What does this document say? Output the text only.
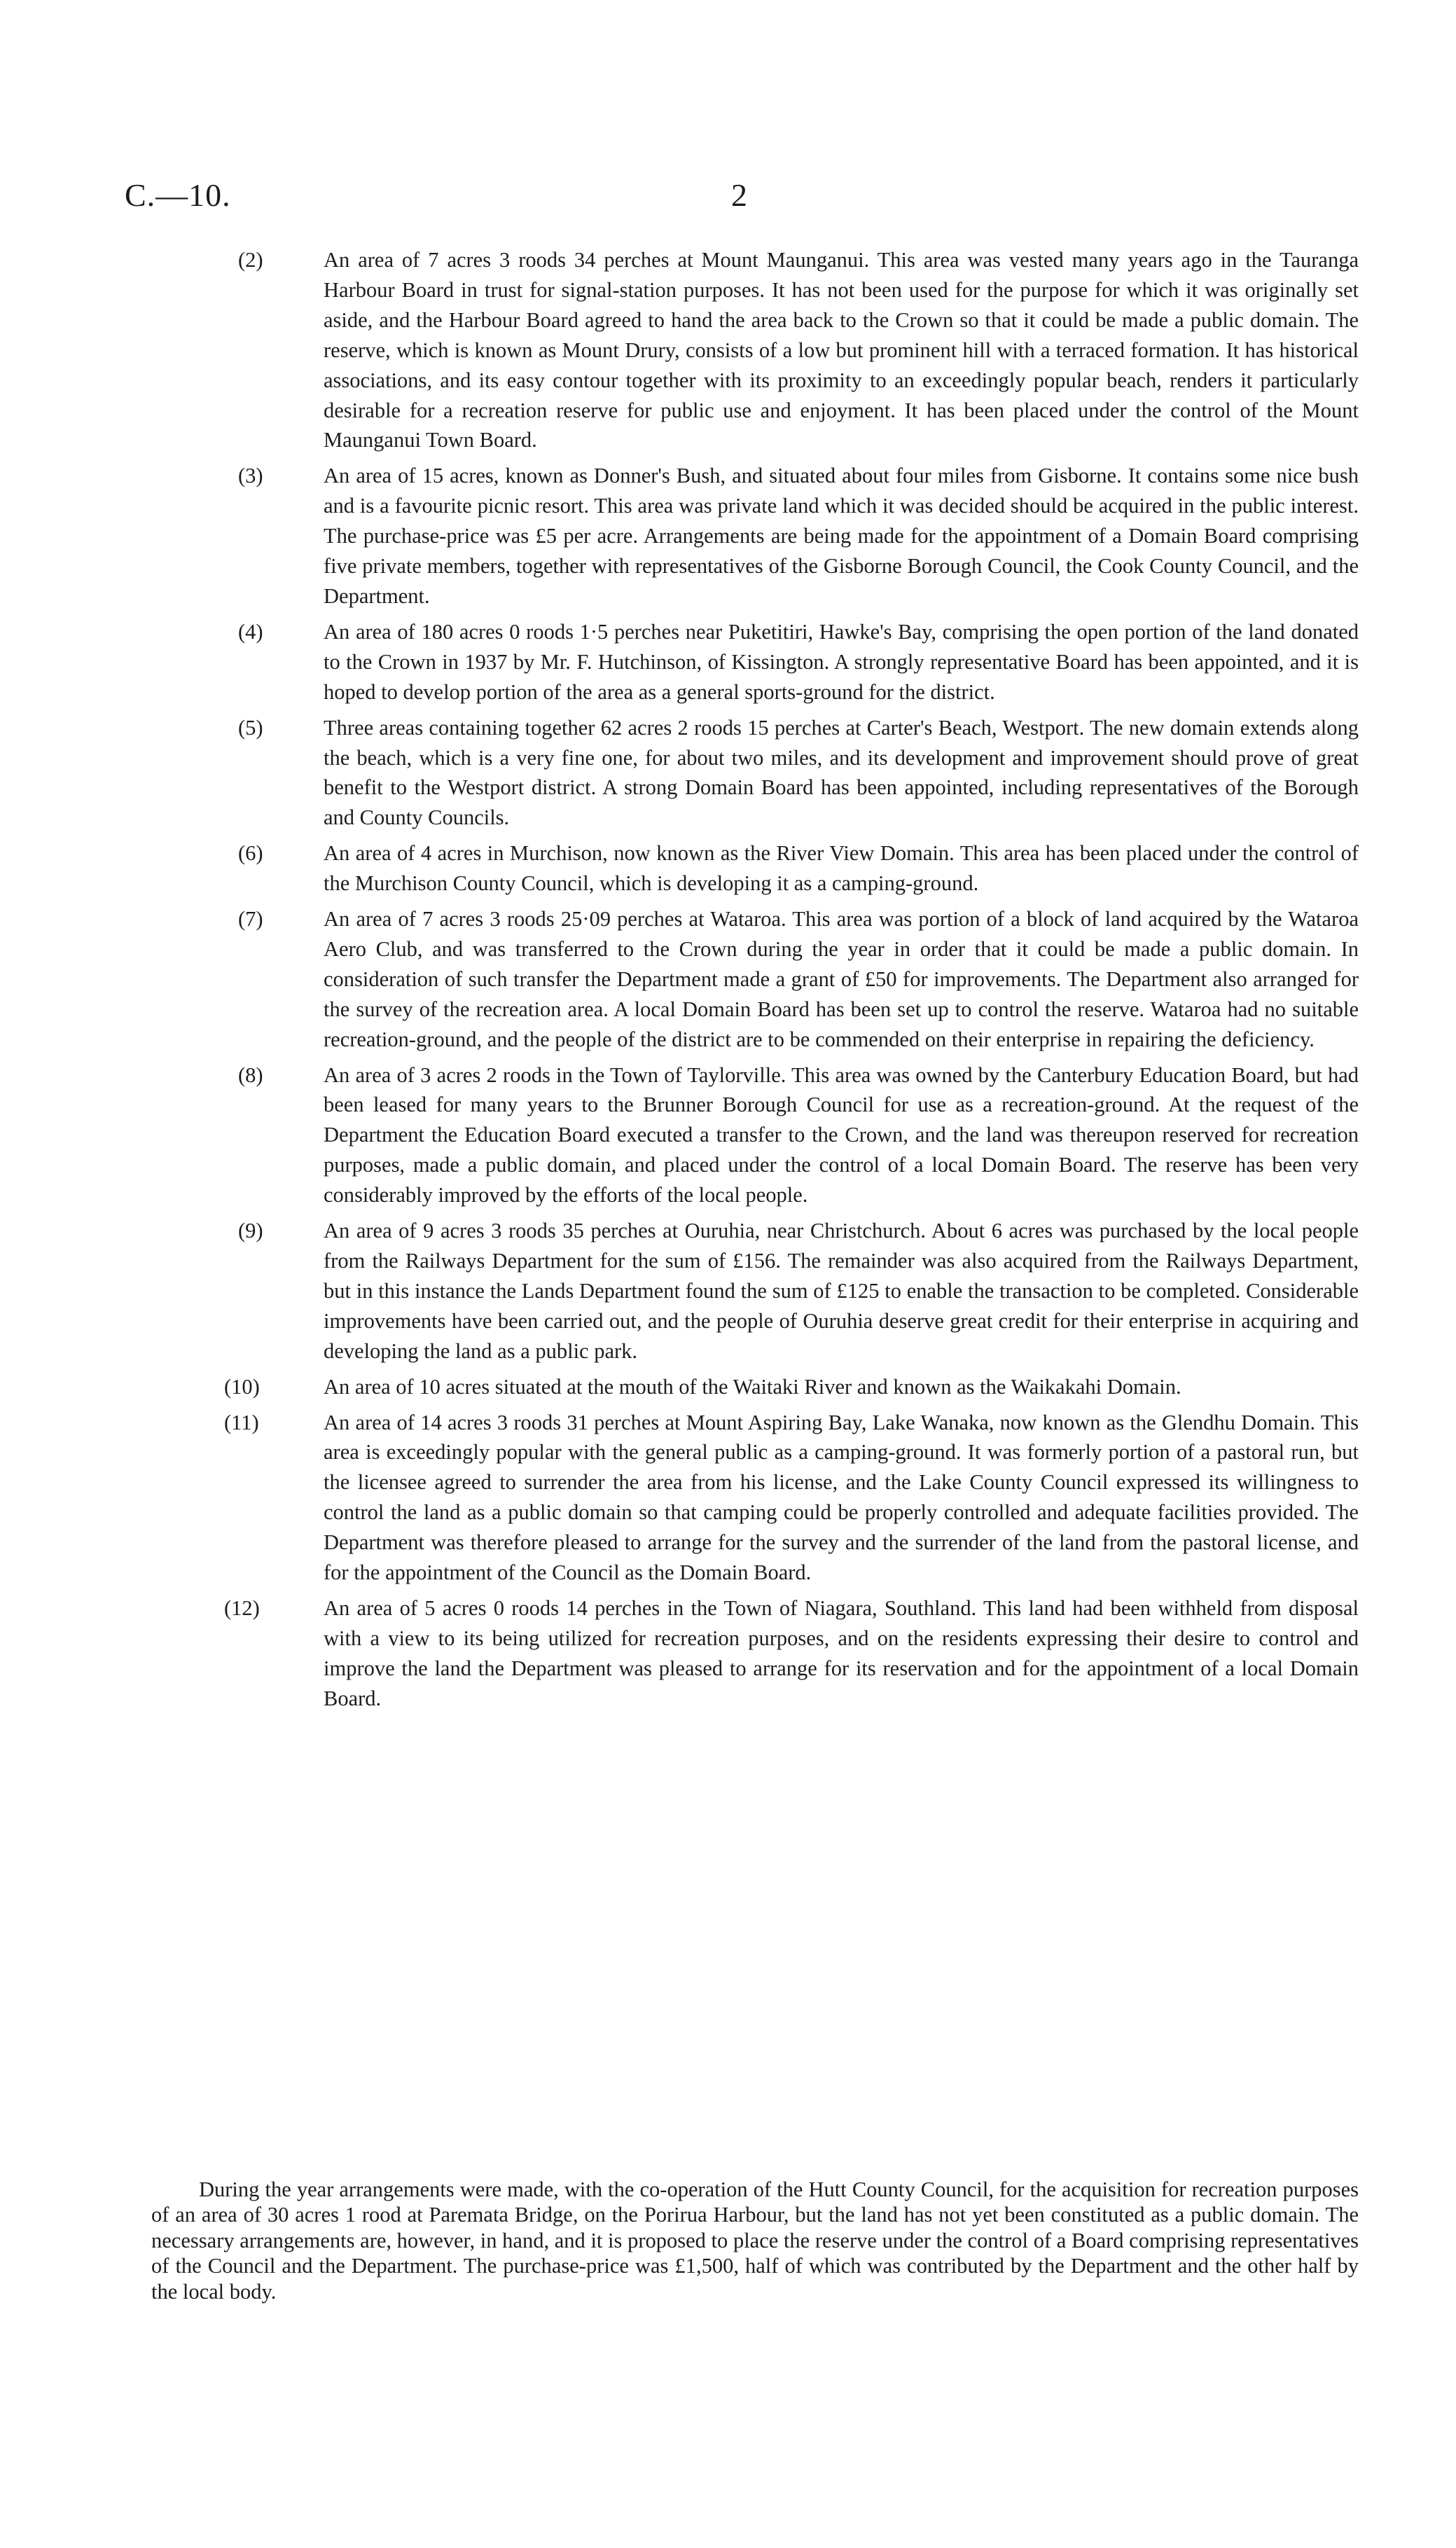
C.—10.	2
(2)	An area of 7 acres 3 roods 34 perches at Mount Maunganui. This area was vested many years ago in the Tauranga Harbour Board in trust for signal-station purposes. It has not been used for the purpose for which it was originally set aside, and the Harbour Board agreed to hand the area back to the Crown so that it could be made a public domain. The reserve, which is known as Mount Drury, consists of a low but prominent hill with a terraced formation. It has historical associations, and its easy contour together with its proximity to an exceedingly popular beach, renders it particularly desirable for a recreation reserve for public use and enjoyment. It has been placed under the control of the Mount Maunganui Town Board.
(3)	An area of 15 acres, known as Donner's Bush, and situated about four miles from Gisborne. It contains some nice bush and is a favourite picnic resort. This area was private land which it was decided should be acquired in the public interest. The purchase-price was £5 per acre. Arrangements are being made for the appointment of a Domain Board comprising five private members, together with representatives of the Gisborne Borough Council, the Cook County Council, and the Department.
(4)	An area of 180 acres 0 roods 1·5 perches near Puketitiri, Hawke's Bay, comprising the open portion of the land donated to the Crown in 1937 by Mr. F. Hutchinson, of Kissington. A strongly representative Board has been appointed, and it is hoped to develop portion of the area as a general sports-ground for the district.
(5)	Three areas containing together 62 acres 2 roods 15 perches at Carter's Beach, Westport. The new domain extends along the beach, which is a very fine one, for about two miles, and its development and improvement should prove of great benefit to the Westport district. A strong Domain Board has been appointed, including representatives of the Borough and County Councils.
(6)	An area of 4 acres in Murchison, now known as the River View Domain. This area has been placed under the control of the Murchison County Council, which is developing it as a camping-ground.
(7)	An area of 7 acres 3 roods 25·09 perches at Wataroa. This area was portion of a block of land acquired by the Wataroa Aero Club, and was transferred to the Crown during the year in order that it could be made a public domain. In consideration of such transfer the Department made a grant of £50 for improvements. The Department also arranged for the survey of the recreation area. A local Domain Board has been set up to control the reserve. Wataroa had no suitable recreation-ground, and the people of the district are to be commended on their enterprise in repairing the deficiency.
(8)	An area of 3 acres 2 roods in the Town of Taylorville. This area was owned by the Canterbury Education Board, but had been leased for many years to the Brunner Borough Council for use as a recreation-ground. At the request of the Department the Education Board executed a transfer to the Crown, and the land was thereupon reserved for recreation purposes, made a public domain, and placed under the control of a local Domain Board. The reserve has been very considerably improved by the efforts of the local people.
(9)	An area of 9 acres 3 roods 35 perches at Ouruhia, near Christchurch. About 6 acres was purchased by the local people from the Railways Department for the sum of £156. The remainder was also acquired from the Railways Department, but in this instance the Lands Department found the sum of £125 to enable the transaction to be completed. Considerable improvements have been carried out, and the people of Ouruhia deserve great credit for their enterprise in acquiring and developing the land as a public park.
(10)	An area of 10 acres situated at the mouth of the Waitaki River and known as the Waikakahi Domain.
(11)	An area of 14 acres 3 roods 31 perches at Mount Aspiring Bay, Lake Wanaka, now known as the Glendhu Domain. This area is exceedingly popular with the general public as a camping-ground. It was formerly portion of a pastoral run, but the licensee agreed to surrender the area from his license, and the Lake County Council expressed its willingness to control the land as a public domain so that camping could be properly controlled and adequate facilities provided. The Department was therefore pleased to arrange for the survey and the surrender of the land from the pastoral license, and for the appointment of the Council as the Domain Board.
(12)	An area of 5 acres 0 roods 14 perches in the Town of Niagara, Southland. This land had been withheld from disposal with a view to its being utilized for recreation purposes, and on the residents expressing their desire to control and improve the land the Department was pleased to arrange for its reservation and for the appointment of a local Domain Board.
During the year arrangements were made, with the co-operation of the Hutt County Council, for the acquisition for recreation purposes of an area of 30 acres 1 rood at Paremata Bridge, on the Porirua Harbour, but the land has not yet been constituted as a public domain. The necessary arrangements are, however, in hand, and it is proposed to place the reserve under the control of a Board comprising representatives of the Council and the Department. The purchase-price was £1,500, half of which was contributed by the Department and the other half by the local body.
